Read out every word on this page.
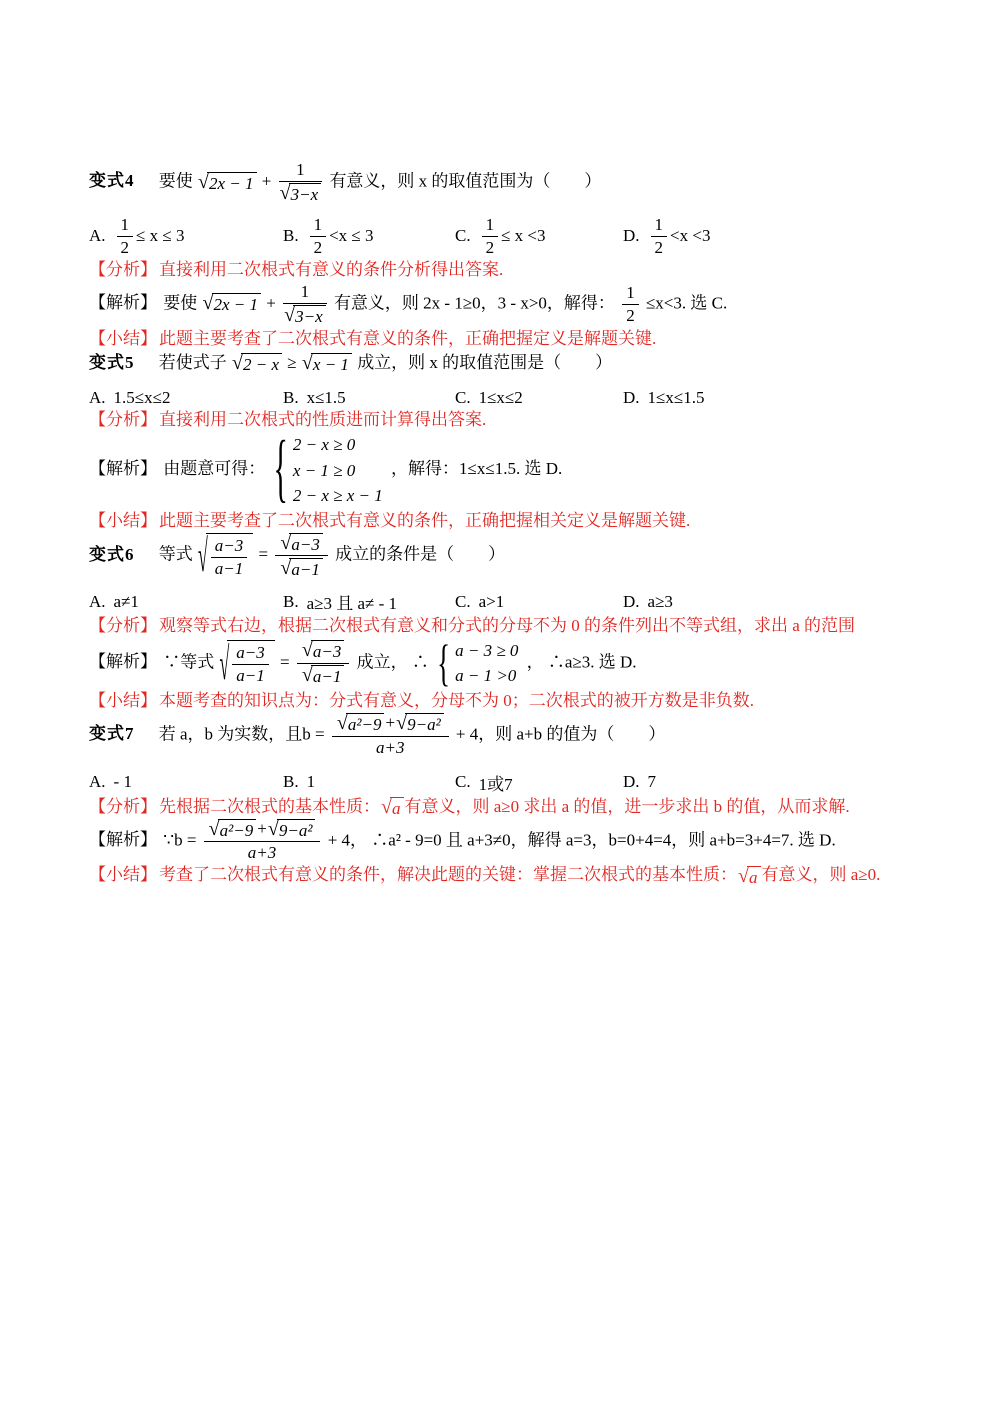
变式4 要使 √ $2x - 1 + \frac{1}{√ 3-x}$ 有意义，则 x 的取值范围为（　　）

A. $\frac{1}{2} \le x \le 3$	B. $\frac{1}{2} <x \le 3$	C. $\frac{1}{2} \le x <3$	D. $\frac{1}{2} <x <3$

【分析】 直接利用二次根式有意义的条件分析得出答案.

【解析】 要使 √ $2x - 1 + \frac{1}{√ 3-x}$ 有意义，则 2x - 1≥0，3 - x>0，解得： $\frac{1}{2} \le x<3$. 选 C.

【小结】 此题主要考查了二次根式有意义的条件，正确把握定义是解题关键.

变式5 若使式子 √ 2 − x ≥ √ x − 1 成立，则 x 的取值范围是（　　）

A. 1.5≤x≤2	B. x≤1.5	C. 1≤x≤2	D. 1≤x≤1.5

【分析】 直接利用二次根式的性质进而计算得出答案.

【解析】 由题意可得： { 2 − x ≥ 0
x − 1 ≥ 0
2 − x ≥ x − 1
，解得：1≤x≤1.5. 选 D.

【小结】 此题主要考查了二次根式有意义的条件，正确把握相关定义是解题关键.

变式6 等式 √ $\frac{a-3}{a-1} = \frac{√ a-3}{√ a-1}$ 成立的条件是（　　）

A. a≠1	B. a≥3 且 a≠ - 1	C. a>1	D. a≥3

【分析】 观察等式右边，根据二次根式有意义和分式的分母不为 0 的条件列出不等式组，求出 a 的范围

【解析】 ∵等式 √ $\frac{a-3}{a-1} = \frac{√ a-3}{√ a-1}$ 成立， ∴ { a − 3 ≥ 0
a − 1 >0
， ∴a≥3. 选 D.

【小结】 本题考查的知识点为：分式有意义，分母不为 0；二次根式的被开方数是非负数.

变式7 若 a，b 为实数，且$b = \frac{\text{√ a²−9 + √ 9−a²}}{a+3} + 4$，则 a+b 的值为（　　）

A. - 1	B. 1	C. 1或7	D. 7

【分析】 先根据二次根式的基本性质： √ a 有意义，则 a≥0 求出 a 的值，进一步求出 b 的值，从而求解.

【解析】 ∵b = $\frac{\text{√ a²−9 + √ 9−a²}}{a+3} + 4$， ∴a² - 9=0 且 a+3≠0，解得 a=3，b=0+4=4，则 a+b=3+4=7. 选 D.

【小结】 考查了二次根式有意义的条件，解决此题的关键：掌握二次根式的基本性质： √ a 有意义，则 a≥0.
